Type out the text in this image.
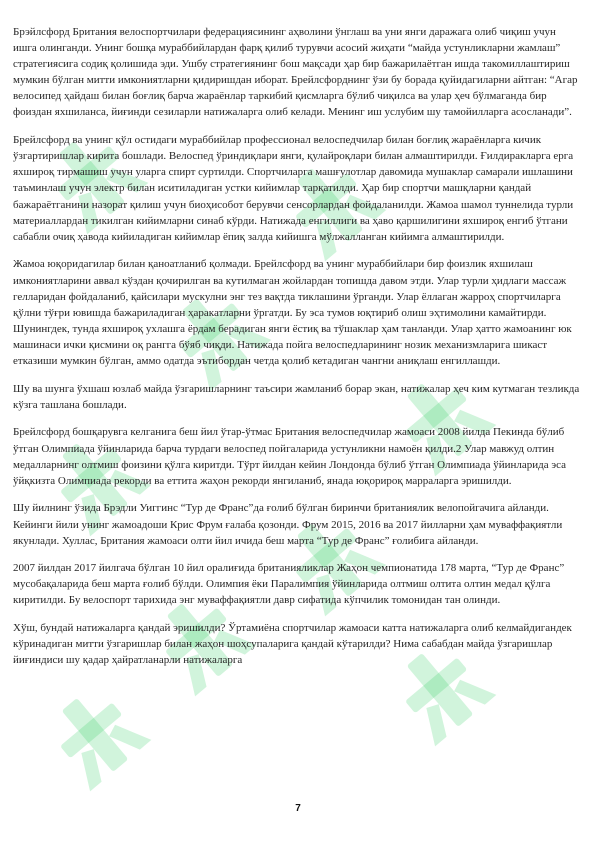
Брэйлсфорд Британия велоспортчилари федерациясининг аҳволини ўнглаш ва уни янги даражага олиб чиқиш учун ишга олинганди. Унинг бошқа мураббийлардан фарқ қилиб турувчи асосий жиҳати “майда устунликларни жамлаш” стратегиясига содиқ қолишида эди. Ушбу стратегиянинг бош мақсади ҳар бир бажарилаётган ишда такомиллаштириш мумкин бўлган митти имкониятларни қидиришдан иборат. Брейлсфорднинг ўзи бу борада қуйидагиларни айтган: “Агар велосипед ҳайдаш билан боғлиқ барча жараёнлар таркибий қисмларга бўлиб чиқилса ва улар ҳеч бўлмаганда бир фоиздан яхшиланса, йиғинди сезиларли натижаларга олиб келади. Менинг иш услубим шу тамойилларга асосланади”.

Брейлсфорд ва унинг қўл остидаги мураббийлар профессионал велоспедчилар билан боғлиқ жараёнларга кичик ўзгартиришлар кирита бошлади. Велоспед ўриндиқлари янги, қулайроқлари билан алмаштирилди. Ғилдиракларга ерга яхшироқ тирмашиш учун уларга спирт суртилди. Спортчиларга машғулотлар давомида мушаклар самарали ишлашини таъминлаш учун электр билан иситиладиган устки кийимлар тарқатилди. Ҳар бир спортчи машқларни қандай бажараётганини назорат қилиш учун биоҳисобот берувчи сенсорлардан фойдаланилди. Жамоа шамол туннелида турли материаллардан тикилган кийимларни синаб кўрди. Натижада енгиллиги ва ҳаво қаршилигини яхшироқ енгиб ўтгани сабабли очиқ ҳавода кийиладиган кийимлар ёпиқ залда кийишга мўлжалланган кийимга алмаштирилди.

Жамоа юқоридагилар билан қаноатланиб қолмади. Брейлсфорд ва унинг мураббийлари бир фоизлик яхшилаш имкониятларини аввал кўздан қочирилган ва кутилмаган жойлардан топишда давом этди. Улар турли ҳидлаги массаж гелларидан фойдаланиб, қайсилари мускулни энг тез вақтда тиклашини ўрганди. Улар ёллаган жарроҳ спортчиларга қўлни тўғри ювишда бажариладиган ҳаракатларни ўргатди. Бу эса тумов юқтириб олиш эҳтимолини камайтирди. Шунингдек, тунда яхшироқ ухлашга ёрдам берадиган янги ёстиқ ва тўшаклар ҳам танланди. Улар ҳатто жамоанинг юк машинаси ички қисмини оқ рангга бўяб чиқди. Натижада пойга велоспедларининг нозик механизмларига шикаст етказиши мумкин бўлган, аммо одатда эътибордан четда қолиб кетадиган чангни аниқлаш енгиллашди.

Шу ва шунга ўхшаш юзлаб майда ўзгаришларнинг таъсири жамланиб борар экан, натижалар ҳеч ким кутмаган тезликда кўзга ташлана бошлади.

Брейлсфорд бошқарувга келганига беш йил ўтар-ўтмас Британия велоспедчилар жамоаси 2008 йилда Пекинда бўлиб ўтган Олимпиада ўйинларида барча турдаги велоспед пойгаларида устунликни намоён қилди.2 Улар мавжуд олтин медалларнинг олтмиш фоизини қўлга киритди. Тўрт йилдан кейин Лондонда бўлиб ўтган Олимпиада ўйинларида эса ўйқкизта Олимпиада рекорди ва еттита жаҳон рекорди янгиланиб, янада юқорироқ марраларга эришилди.

Шу йилнинг ўзида Брэдли Уиггинс “Тур де Франс”да ғолиб бўлган биринчи британиялик велопойгачига айланди. Кейинги йили унинг жамоадоши Крис Фрум ғалаба қозонди. Фрум 2015, 2016 ва 2017 йилларни ҳам муваффақиятли якунлади. Хуллас, Британия жамоаси олти йил ичида беш марта “Тур де Франс” ғолибига айланди.

2007 йилдан 2017 йилгача бўлган 10 йил оралиғида британияликлар Жаҳон чемпионатида 178 марта, “Тур де Франс” мусобақаларида беш марта ғолиб бўлди. Олимпия ёки Паралимпия ўйинларида олтмиш олтита олтин медал қўлга киритилди. Бу велоспорт тарихида энг муваффақиятли давр сифатида кўпчилик томонидан тан олинди.

Хўш, бундай натижаларга қандай эришилди? Ўртамиёна спортчилар жамоаси катта натижаларга олиб келмайдигандек кўринадиган митти ўзгаришлар билан жаҳон шоҳсупаларига қандай кўтарилди? Нима сабабдан майда ўзгаришлар йиғиндиси шу қадар ҳайратланарли натижаларга

7
